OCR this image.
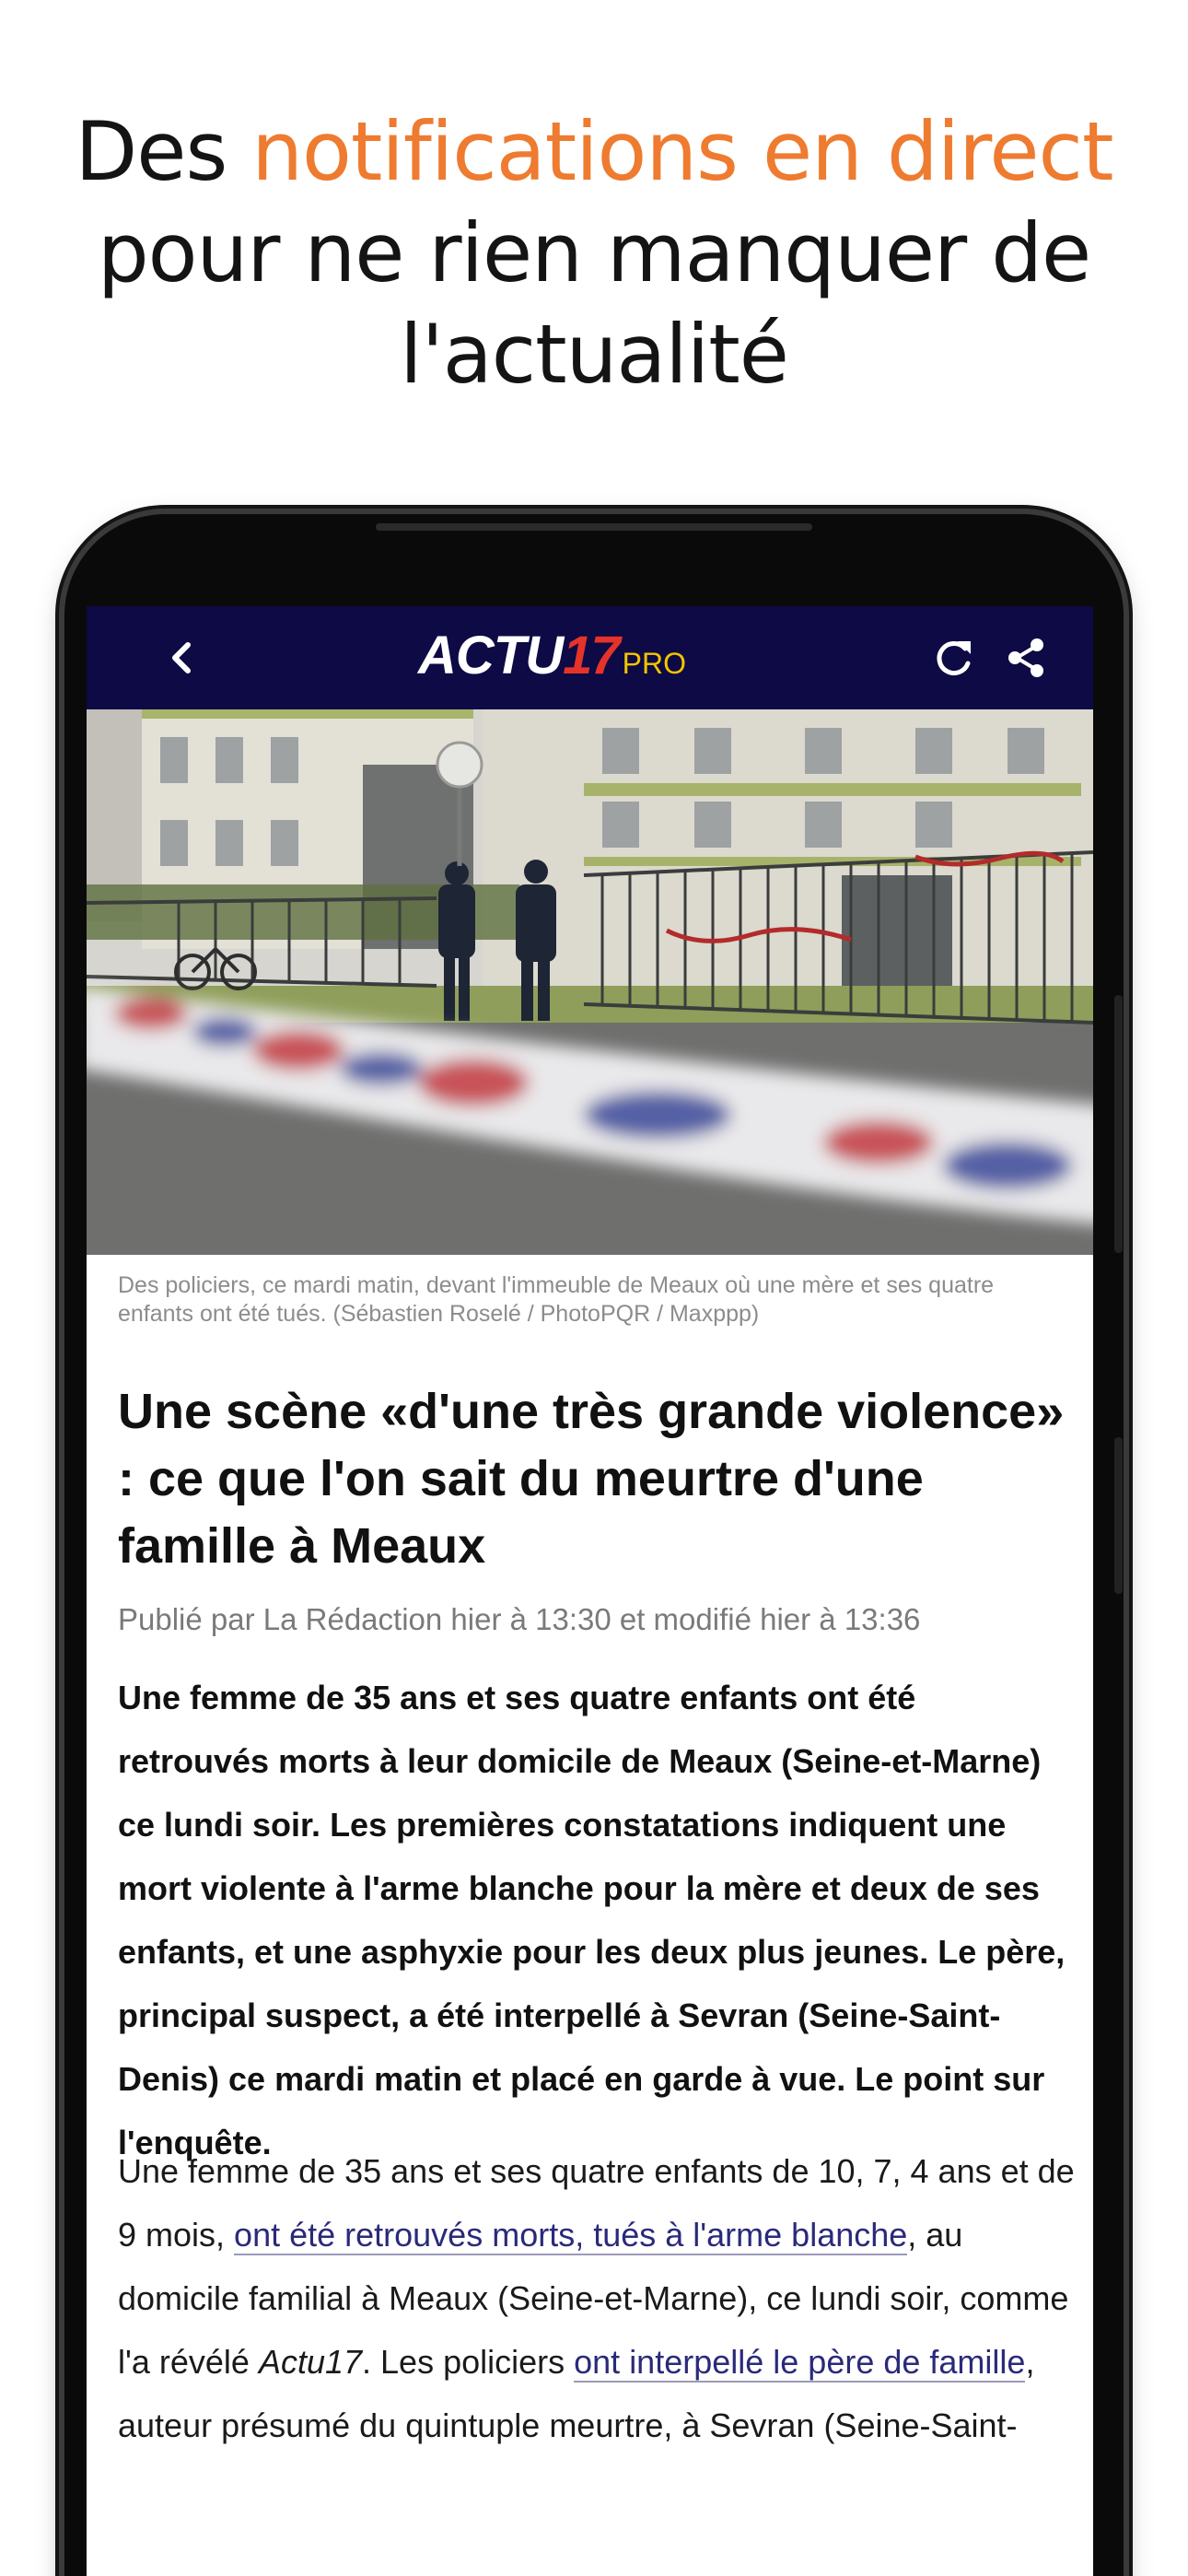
Des notifications en direct
pour ne rien manquer de
l'actualité
ACTU 17 PRO
Des policiers, ce mardi matin, devant l'immeuble de Meaux où une mère et ses quatre enfants ont été tués. (Sébastien Roselé / PhotoPQR / Maxppp)
Une scène «d'une très grande violence» : ce que l'on sait du meurtre d'une famille à Meaux
Publié par La Rédaction hier à 13:30 et modifié hier à 13:36

Une femme de 35 ans et ses quatre enfants ont été retrouvés morts à leur domicile de Meaux (Seine-et-Marne) ce lundi soir. Les premières constatations indiquent une mort violente à l'arme blanche pour la mère et deux de ses enfants, et une asphyxie pour les deux plus jeunes. Le père, principal suspect, a été interpellé à Sevran (Seine-Saint-Denis) ce mardi matin et placé en garde à vue. Le point sur l'enquête.

Une femme de 35 ans et ses quatre enfants de 10, 7, 4 ans et de 9 mois, ont été retrouvés morts, tués à l'arme blanche, au domicile familial à Meaux (Seine-et-Marne), ce lundi soir, comme l'a révélé Actu17. Les policiers ont interpellé le père de famille, auteur présumé du quintuple meurtre, à Sevran (Seine-Saint-
